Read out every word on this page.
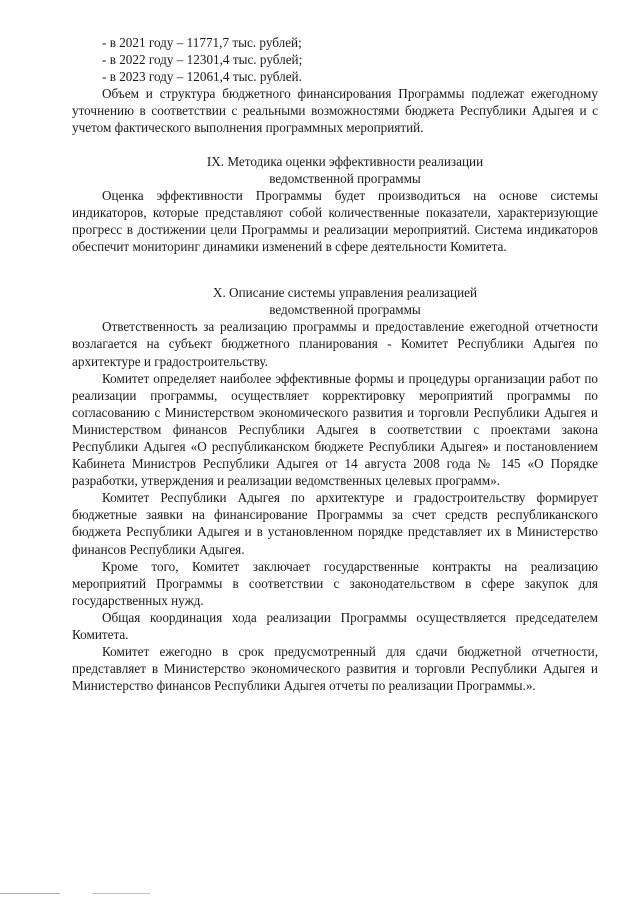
- в 2021 году – 11771,7 тыс. рублей;
- в 2022 году – 12301,4 тыс. рублей;
- в 2023 году – 12061,4 тыс. рублей.

Объем и структура бюджетного финансирования Программы подлежат ежегодному уточнению в соответствии с реальными возможностями бюджета Республики Адыгея и с учетом фактического выполнения программных мероприятий.

IX. Методика оценки эффективности реализации

ведомственной программы

Оценка эффективности Программы будет производиться на основе системы индикаторов, которые представляют собой количественные показатели, характеризующие прогресс в достижении цели Программы и реализации мероприятий. Система индикаторов обеспечит мониторинг динамики изменений в сфере деятельности Комитета.

X. Описание системы управления реализацией

ведомственной программы

Ответственность за реализацию программы и предоставление ежегодной отчетности возлагается на субъект бюджетного планирования - Комитет Республики Адыгея по архитектуре и градостроительству.

Комитет определяет наиболее эффективные формы и процедуры организации работ по реализации программы, осуществляет корректировку мероприятий программы по согласованию с Министерством экономического развития и торговли Республики Адыгея и Министерством финансов Республики Адыгея в соответствии с проектами закона Республики Адыгея «О республиканском бюджете Республики Адыгея» и постановлением Кабинета Министров Республики Адыгея от 14 августа 2008 года № 145 «О Порядке разработки, утверждения и реализации ведомственных целевых программ».

Комитет Республики Адыгея по архитектуре и градостроительству формирует бюджетные заявки на финансирование Программы за счет средств республиканского бюджета Республики Адыгея и в установленном порядке представляет их в Министерство финансов Республики Адыгея.

Кроме того, Комитет заключает государственные контракты на реализацию мероприятий Программы в соответствии с законодательством в сфере закупок для государственных нужд.

Общая координация хода реализации Программы осуществляется председателем Комитета.

Комитет ежегодно в срок предусмотренный для сдачи бюджетной отчетности, представляет в Министерство экономического развития и торговли Республики Адыгея и Министерство финансов Республики Адыгея отчеты по реализации Программы.».
